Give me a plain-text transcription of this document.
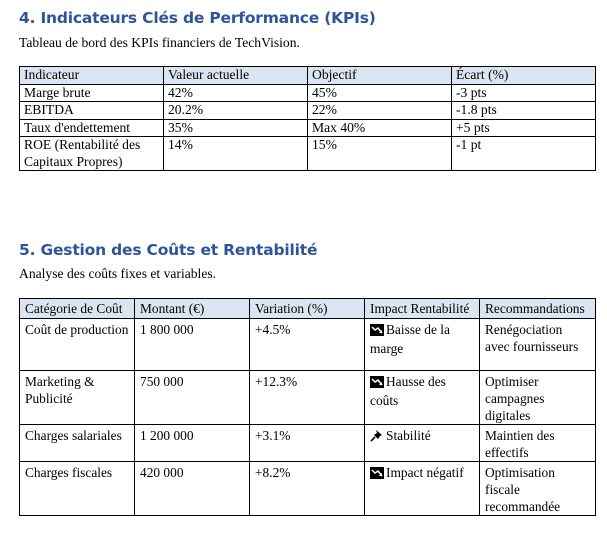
4. Indicateurs Clés de Performance (KPIs)

Tableau de bord des KPIs financiers de TechVision.

Indicateur	Valeur actuelle	Objectif	Écart (%)
Marge brute	42%	45%	-3 pts
EBITDA	20.2%	22%	-1.8 pts
Taux d'endettement	35%	Max 40%	+5 pts
ROE (Rentabilité des Capitaux Propres)	14%	15%	-1 pt
5. Gestion des Coûts et Rentabilité

Analyse des coûts fixes et variables.

Catégorie de Coût	Montant (€)	Variation (%)	Impact Rentabilité	Recommandations
Coût de production	1 800 000	+4.5%	Baisse de la marge	Renégociation avec fournisseurs
Marketing & Publicité	750 000	+12.3%	Hausse des coûts	Optimiser campagnes digitales
Charges salariales	1 200 000	+3.1%	Stabilité	Maintien des effectifs
Charges fiscales	420 000	+8.2%	Impact négatif	Optimisation fiscale recommandée
